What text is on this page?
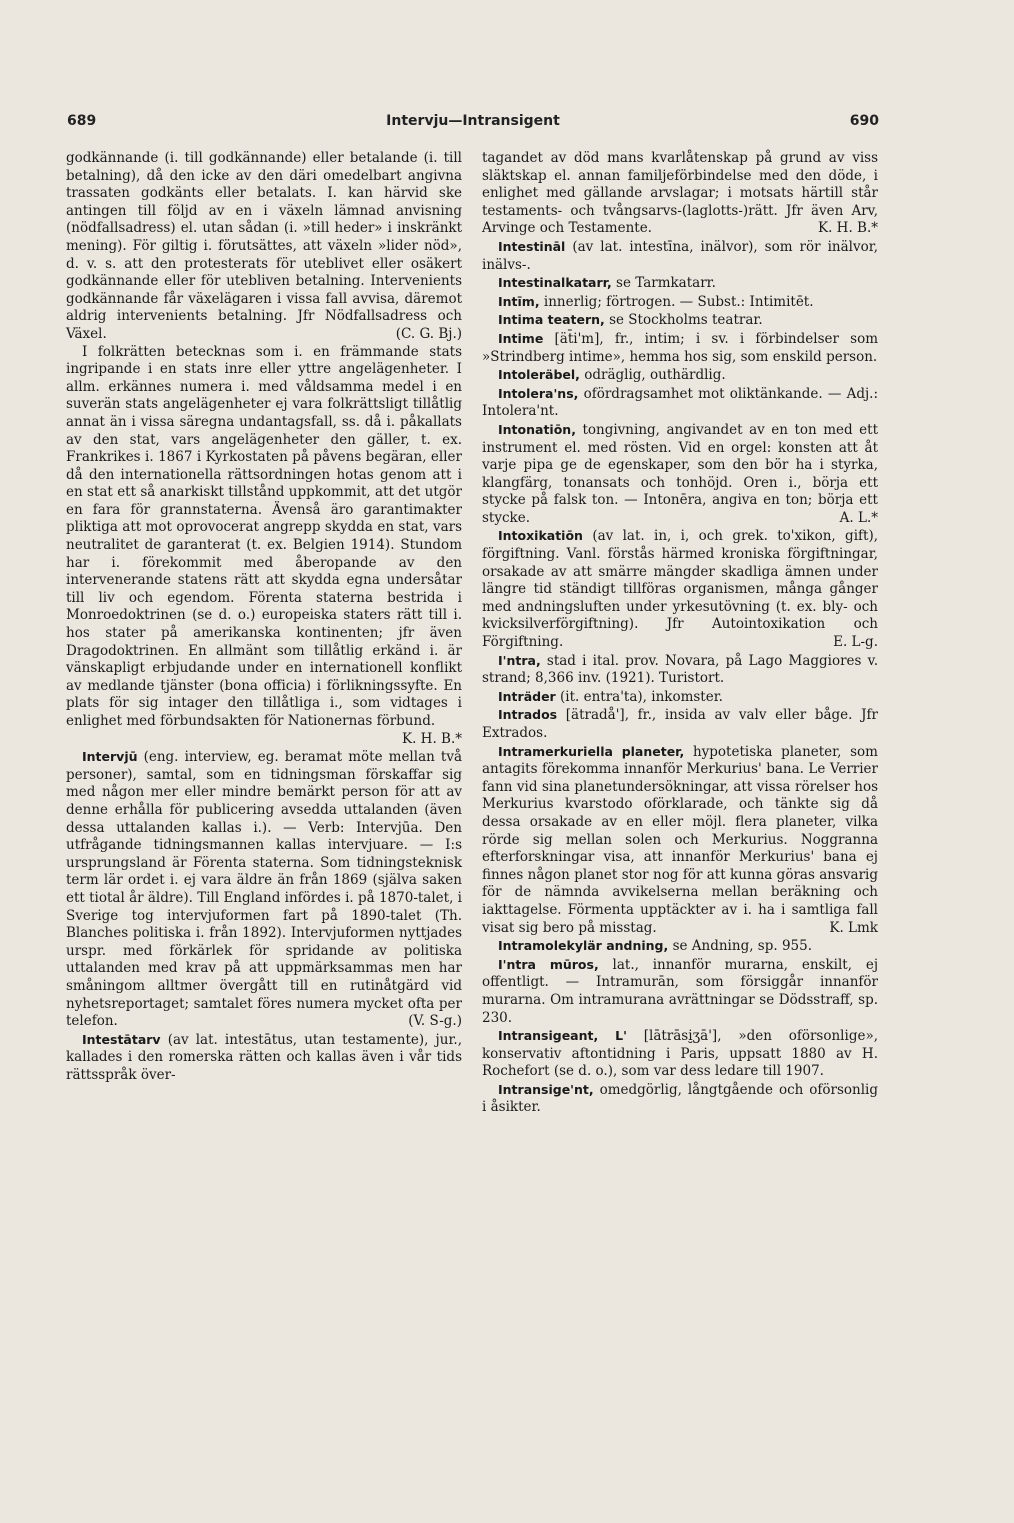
689	Intervju—Intransigent	690

godkännande (i. till godkännande) eller betalande (i. till betalning), då den icke av den däri omedelbart angivna trassaten godkänts eller betalats. I. kan härvid ske antingen till följd av en i växeln lämnad anvisning (nödfallsadress) el. utan sådan (i. »till heder» i inskränkt mening). För giltig i. förutsättes, att växeln »lider nöd», d. v. s. att den protesterats för uteblivet eller osäkert godkännande eller för utebliven betalning. Intervenients godkännande får växelägaren i vissa fall avvisa, däremot aldrig intervenients betalning. Jfr Nödfallsadress och Växel.	(C. G. Bj.)

I folkrätten betecknas som i. en främmande stats ingripande i en stats inre eller yttre angelägenheter. I allm. erkännes numera i. med våldsamma medel i en suverän stats angelägenheter ej vara folkrättsligt tillåtlig annat än i vissa säregna undantagsfall, ss. då i. påkallats av den stat, vars angelägenheter den gäller, t. ex. Frankrikes i. 1867 i Kyrkostaten på påvens begäran, eller då den internationella rättsordningen hotas genom att i en stat ett så anarkiskt tillstånd uppkommit, att det utgör en fara för grannstaterna. Ävenså äro garantimakter pliktiga att mot oprovocerat angrepp skydda en stat, vars neutralitet de garanterat (t. ex. Belgien 1914). Stundom har i. förekommit med åberopande av den intervenerande statens rätt att skydda egna undersåtar till liv och egendom. Förenta staterna bestrida i Monroedoktrinen (se d. o.) europeiska staters rätt till i. hos stater på amerikanska kontinenten; jfr även Dragodoktrinen. En allmänt som tillåtlig erkänd i. är vänskapligt erbjudande under en internationell konflikt av medlande tjänster (bona officia) i förlikningssyfte. En plats för sig intager den tillåtliga i., som vidtages i enlighet med förbundsakten för Nationernas förbund.
K. H. B.*

Intervjū (eng. interview, eg. beramat möte mellan två personer), samtal, som en tidningsman förskaffar sig med någon mer eller mindre bemärkt person för att av denne erhålla för publicering avsedda uttalanden (även dessa uttalanden kallas i.). — Verb: Intervjūa. Den utfrågande tidningsmannen kallas intervjuare. — I:s ursprungsland är Förenta staterna. Som tidningsteknisk term lär ordet i. ej vara äldre än från 1869 (själva saken ett tiotal år äldre). Till England infördes i. på 1870-talet, i Sverige tog intervjuformen fart på 1890-talet (Th. Blanches politiska i. från 1892). Intervjuformen nyttjades urspr. med förkärlek för spridande av politiska uttalanden med krav på att uppmärksammas men har småningom alltmer övergått till en rutinåtgärd vid nyhetsreportaget; samtalet föres numera mycket ofta per telefon.	(V. S-g.)

Intestātarv (av lat. intestātus, utan testamente), jur., kallades i den romerska rätten och kallas även i vår tids rättsspråk över-

tagandet av död mans kvarlåtenskap på grund av viss släktskap el. annan familjeförbindelse med den döde, i enlighet med gällande arvslagar; i motsats härtill står testaments- och tvångsarvs-(laglotts-)rätt. Jfr även Arv, Arvinge och Testamente.	K. H. B.*

Intestināl (av lat. intestīna, inälvor), som rör inälvor, inälvs-.

Intestinalkatarr, se Tarmkatarr.

Intīm, innerlig; förtrogen. — Subst.: Intimitēt.

Intima teatern, se Stockholms teatrar.

Intime [ät̄i'm], fr., intim; i sv. i förbindelser som »Strindberg intime», hemma hos sig, som enskild person.

Intoleräbel, odräglig, outhärdlig.

Intolera'ns, ofördragsamhet mot oliktänkande. — Adj.: Intolera'nt.

Intonatiōn, tongivning, angivandet av en ton med ett instrument el. med rösten. Vid en orgel: konsten att åt varje pipa ge de egenskaper, som den bör ha i styrka, klangfärg, tonansats och tonhöjd. Oren i., börja ett stycke på falsk ton. — Intonēra, angiva en ton; börja ett stycke.	A. L.*

Intoxikatiōn (av lat. in, i, och grek. to'xikon, gift), förgiftning. Vanl. förstås härmed kroniska förgiftningar, orsakade av att smärre mängder skadliga ämnen under längre tid ständigt tillföras organismen, många gånger med andningsluften under yrkesutövning (t. ex. bly- och kvicksilverförgiftning). Jfr Autointoxikation och Förgiftning.	E. L-g.

I'ntra, stad i ital. prov. Novara, på Lago Maggiores v. strand; 8,366 inv. (1921). Turistort.

Inträder (it. entra'ta), inkomster.

Intrados [ätradå'], fr., insida av valv eller båge. Jfr Extrados.

Intramerkuriella planeter, hypotetiska planeter, som antagits förekomma innanför Merkurius' bana. Le Verrier fann vid sina planetundersökningar, att vissa rörelser hos Merkurius kvarstodo oförklarade, och tänkte sig då dessa orsakade av en eller möjl. flera planeter, vilka rörde sig mellan solen och Merkurius. Noggranna efterforskningar visa, att innanför Merkurius' bana ej finnes någon planet stor nog för att kunna göras ansvarig för de nämnda avvikelserna mellan beräkning och iakttagelse. Förmenta upptäckter av i. ha i samtliga fall visat sig bero på misstag.	K. Lmk

Intramolekylär andning, se Andning, sp. 955.

I'ntra mūros, lat., innanför murarna, enskilt, ej offentligt. — Intramurān, som försiggår innanför murarna. Om intramurana avrättningar se Dödsstraff, sp. 230.

Intransigeant, L' [lātrāsi̮ʒā'], »den oförsonlige», konservativ aftontidning i Paris, uppsatt 1880 av H. Rochefort (se d. o.), som var dess ledare till 1907.

Intransige'nt, omedgörlig, långtgående och oförsonlig i åsikter.
